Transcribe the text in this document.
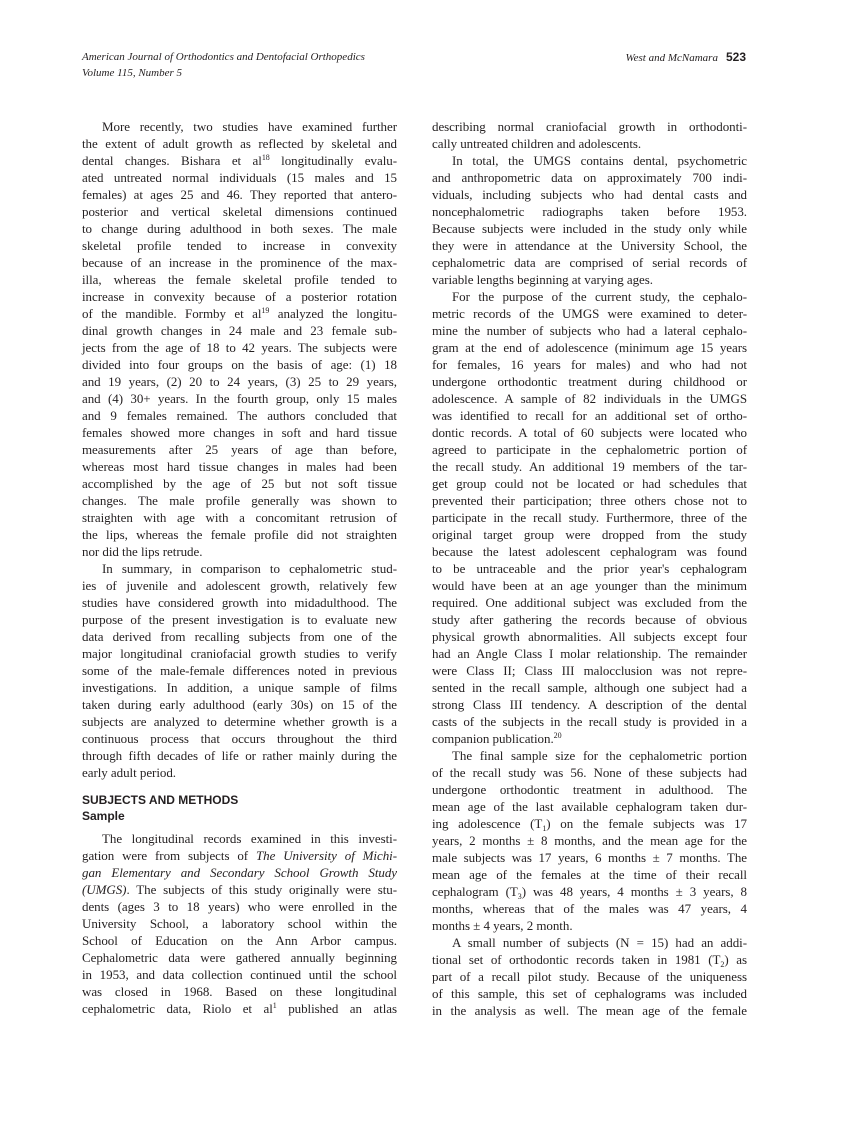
American Journal of Orthodontics and Dentofacial Orthopedics
Volume 115, Number 5
West and McNamara 523
More recently, two studies have examined further
the extent of adult growth as reflected by skeletal and
dental changes. Bishara et $al^{18}$ longitudinally evalu-
ated untreated normal individuals (15 males and 15
females) at ages 25 and 46. They reported that antero-
posterior and vertical skeletal dimensions continued
to change during adulthood in both sexes. The male
skeletal profile tended to increase in convexity
because of an increase in the prominence of the max-
illa, whereas the female skeletal profile tended to
increase in convexity because of a posterior rotation
of the mandible. Formby et $al^{19}$ analyzed the longitu-
dinal growth changes in 24 male and 23 female sub-
jects from the age of 18 to 42 years. The subjects were
divided into four groups on the basis of age: (1) 18
and 19 years, (2) 20 to 24 years, (3) 25 to 29 years,
and (4) 30+ years. In the fourth group, only 15 males
and 9 females remained. The authors concluded that
females showed more changes in soft and hard tissue
measurements after 25 years of age than before,
whereas most hard tissue changes in males had been
accomplished by the age of 25 but not soft tissue
changes. The male profile generally was shown to
straighten with age with a concomitant retrusion of
the lips, whereas the female profile did not straighten
nor did the lips retrude.
In summary, in comparison to cephalometric stud-
ies of juvenile and adolescent growth, relatively few
studies have considered growth into midadulthood. The
purpose of the present investigation is to evaluate new
data derived from recalling subjects from one of the
major longitudinal craniofacial growth studies to verify
some of the male-female differences noted in previous
investigations. In addition, a unique sample of films
taken during early adulthood (early 30s) on 15 of the
subjects are analyzed to determine whether growth is a
continuous process that occurs throughout the third
through fifth decades of life or rather mainly during the
early adult period.
SUBJECTS AND METHODS
Sample
The longitudinal records examined in this investi-
gation were from subjects of The University of Michi-
gan Elementary and Secondary School Growth Study
(UMGS). The subjects of this study originally were stu-
dents (ages 3 to 18 years) who were enrolled in the
University School, a laboratory school within the
School of Education on the Ann Arbor campus.
Cephalometric data were gathered annually beginning
in 1953, and data collection continued until the school
was closed in 1968. Based on these longitudinal
cephalometric data, Riolo et $al^1$ published an atlas
describing normal craniofacial growth in orthodonti-
cally untreated children and adolescents.
In total, the UMGS contains dental, psychometric
and anthropometric data on approximately 700 indi-
viduals, including subjects who had dental casts and
noncephalometric radiographs taken before 1953.
Because subjects were included in the study only while
they were in attendance at the University School, the
cephalometric data are comprised of serial records of
variable lengths beginning at varying ages.
For the purpose of the current study, the cephalo-
metric records of the UMGS were examined to deter-
mine the number of subjects who had a lateral cephalo-
gram at the end of adolescence (minimum age 15 years
for females, 16 years for males) and who had not
undergone orthodontic treatment during childhood or
adolescence. A sample of 82 individuals in the UMGS
was identified to recall for an additional set of ortho-
dontic records. A total of 60 subjects were located who
agreed to participate in the cephalometric portion of
the recall study. An additional 19 members of the tar-
get group could not be located or had schedules that
prevented their participation; three others chose not to
participate in the recall study. Furthermore, three of the
original target group were dropped from the study
because the latest adolescent cephalogram was found
to be untraceable and the prior year's cephalogram
would have been at an age younger than the minimum
required. One additional subject was excluded from the
study after gathering the records because of obvious
physical growth abnormalities. All subjects except four
had an Angle Class I molar relationship. The remainder
were Class II; Class III malocclusion was not repre-
sented in the recall sample, although one subject had a
strong Class III tendency. A description of the dental
casts of the subjects in the recall study is provided in a
companion publication.$^{20}$
The final sample size for the cephalometric portion
of the recall study was 56. None of these subjects had
undergone orthodontic treatment in adulthood. The
mean age of the last available cephalogram taken dur-
ing adolescence $(T_1)$ on the female subjects was 17
years, 2 months ± 8 months, and the mean age for the
male subjects was 17 years, 6 months ± 7 months. The
mean age of the females at the time of their recall
cephalogram $(T_3)$ was 48 years, 4 months ± 3 years, 8
months, whereas that of the males was 47 years, 4
months ± 4 years, 2 month.
A small number of subjects (N = 15) had an addi-
tional set of orthodontic records taken in 1981 $(T_2)$ as
part of a recall pilot study. Because of the uniqueness
of this sample, this set of cephalograms was included
in the analysis as well. The mean age of the female
